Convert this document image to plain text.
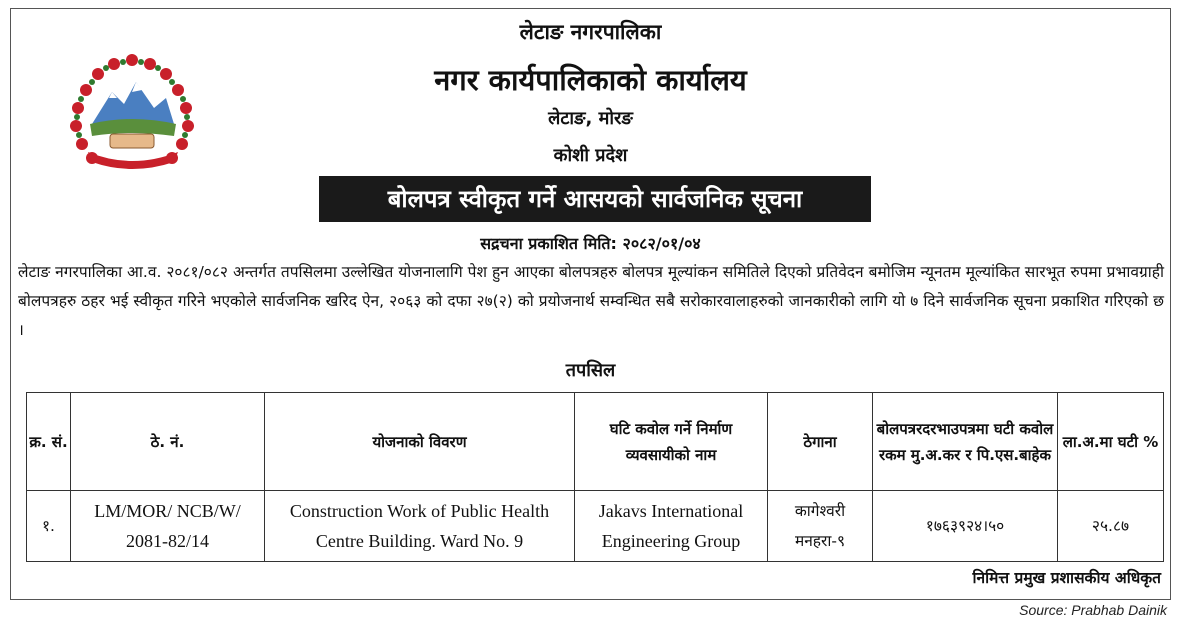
लेटाङ नगरपालिका
नगर कार्यपालिकाको कार्यालय
लेटाङ, मोरङ
कोशी प्रदेश
बोलपत्र स्वीकृत गर्ने आसयको सार्वजनिक सूचना
सद्रचना प्रकाशित मिति: २०८२/०१/०४
लेटाङ नगरपालिका आ.व. २०८१/०८२ अन्तर्गत तपसिलमा उल्लेखित योजनालागि पेश हुन आएका बोलपत्रहरु बोलपत्र मूल्यांकन समितिले दिएको प्रतिवेदन बमोजिम न्यूनतम मूल्यांकित सारभूत रुपमा प्रभावग्राही बोलपत्रहरु ठहर भई स्वीकृत गरिने भएकोले सार्वजनिक खरिद ऐन, २०६३ को दफा २७(२) को प्रयोजनार्थ सम्वन्धित सबै सरोकारवालाहरुको जानकारीको लागि यो ७ दिने सार्वजनिक सूचना प्रकाशित गरिएको छ ।
तपसिल
क्र. सं.	ठे. नं.	योजनाको विवरण	घटि कवोल गर्ने निर्माण व्यवसायीको नाम	ठेगाना	बोलपत्ररदरभाउपत्रमा घटी कवोल रकम मु.अ.कर र पि.एस.बाहेक	ला.अ.मा घटी %
१.	LM/MOR/ NCB/W/ 2081-82/14	Construction Work of Public Health Centre Building. Ward No. 9	Jakavs International Engineering Group	कागेश्वरी मनहरा-९	१७६३९२४।५०	२५.८७
निमित्त प्रमुख प्रशासकीय अधिकृत
Source: Prabhab Dainik
